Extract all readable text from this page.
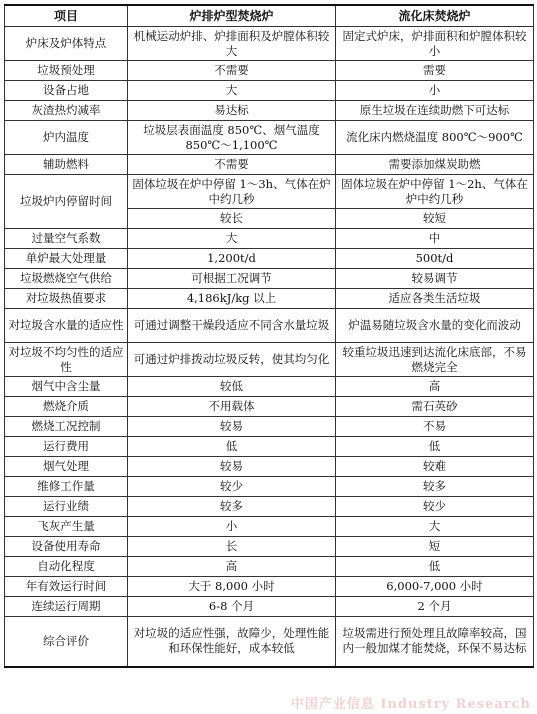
项目	炉排炉型焚烧炉	流化床焚烧炉
炉床及炉体特点	机械运动炉排、炉排面积及炉膛体积较大	固定式炉床，炉排面积和炉膛体积较小
垃圾预处理	不需要	需要
设备占地	大	小
灰渣热灼减率	易达标	原生垃圾在连续助燃下可达标
炉内温度	垃圾层表面温度 850℃、烟气温度 850℃～1,100℃	流化床内燃烧温度 800℃～900℃
辅助燃料	不需要	需要添加煤炭助燃
垃圾炉内停留时间	固体垃圾在炉中停留 1～3h、气体在炉中约几秒	固体垃圾在炉中停留 1～2h、气体在炉中约几秒
	较长	较短
过量空气系数	大	中
单炉最大处理量	1,200t/d	500t/d
垃圾燃烧空气供给	可根据工况调节	较易调节
对垃圾热值要求	4,186kJ/kg 以上	适应各类生活垃圾
对垃圾含水量的适应性	可通过调整干燥段适应不同含水量垃圾	炉温易随垃圾含水量的变化而波动
对垃圾不均匀性的适应性	可通过炉排拨动垃圾反转，使其均匀化	较重垃圾迅速到达流化床底部，不易燃烧完全
烟气中含尘量	较低	高
燃烧介质	不用载体	需石英砂
燃烧工况控制	较易	不易
运行费用	低	低
烟气处理	较易	较难
维修工作量	较少	较多
运行业绩	较多	较少
飞灰产生量	小	大
设备使用寿命	长	短
自动化程度	高	低
年有效运行时间	大于 8,000 小时	6,000-7,000 小时
连续运行周期	6-8 个月	2 个月
综合评价	对垃圾的适应性强，故障少，处理性能和环保性能好，成本较低	垃圾需进行预处理且故障率较高，国内一般加煤才能焚烧，环保不易达标
中国产业信息 Industry Research
